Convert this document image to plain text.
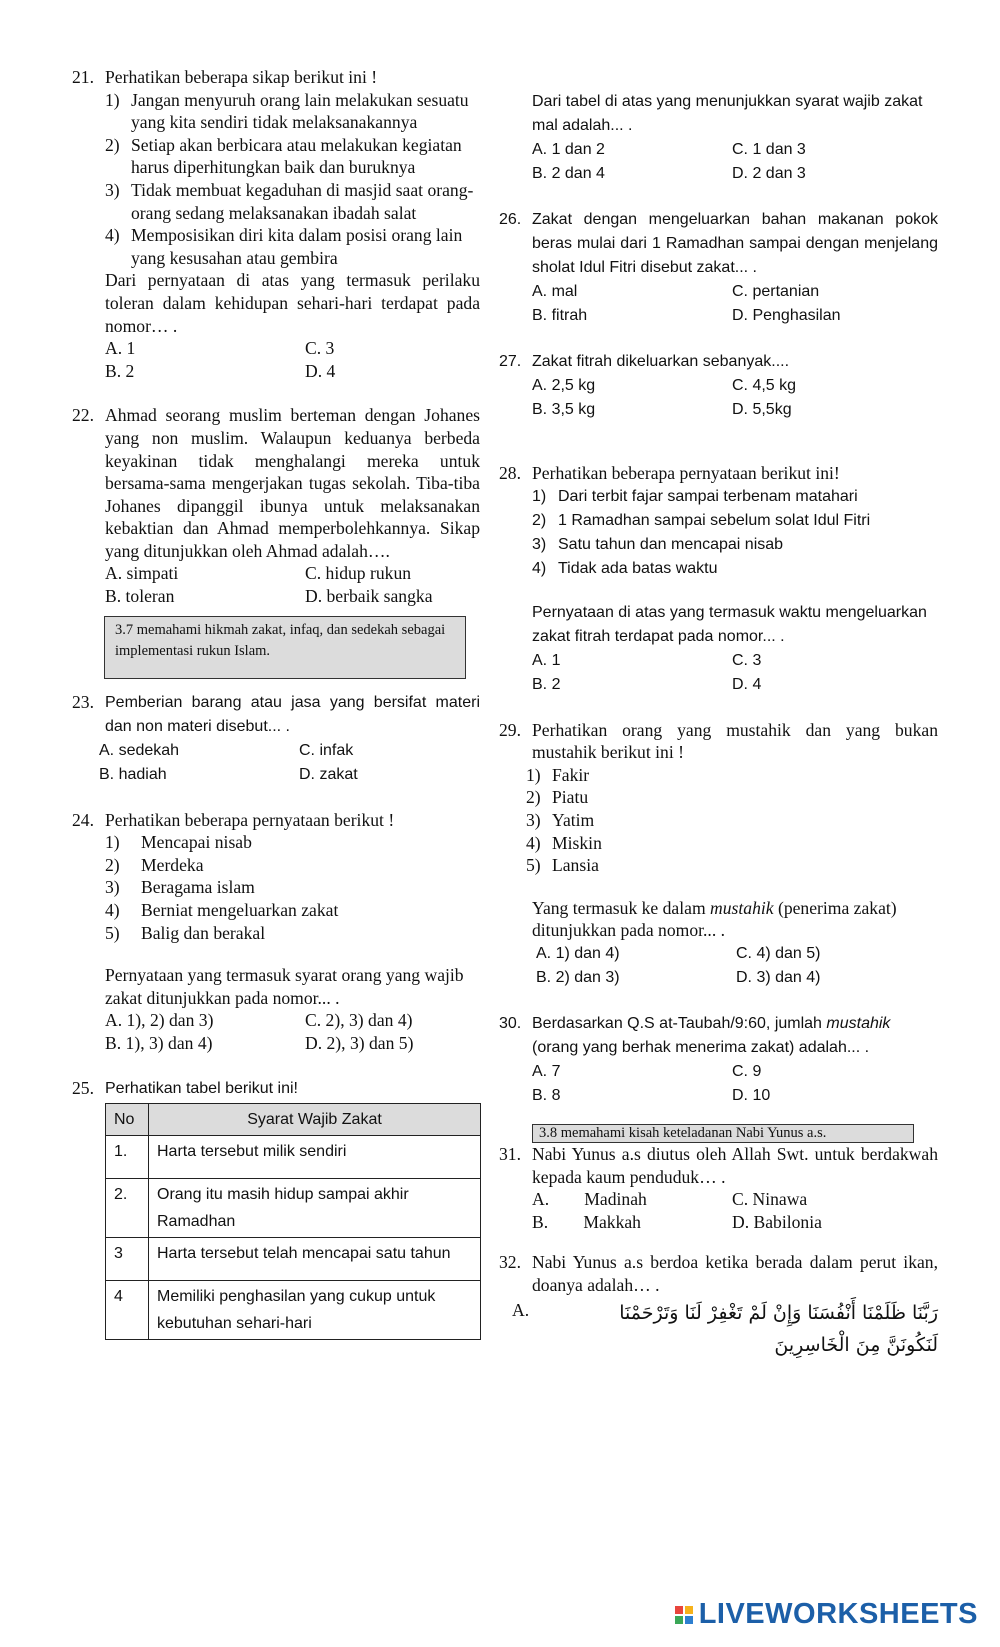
21. Perhatikan beberapa sikap berikut ini !
1) Jangan menyuruh orang lain melakukan sesuatu yang kita sendiri tidak melaksanakannya
2) Setiap akan berbicara atau melakukan kegiatan harus diperhitungkan baik dan buruknya
3) Tidak membuat kegaduhan di masjid saat orang-orang sedang melaksanakan ibadah salat
4) Memposisikan diri kita dalam posisi orang lain yang kesusahan atau gembira
Dari pernyataan di atas yang termasuk perilaku toleran dalam kehidupan sehari-hari terdapat pada nomor… .
A. 1	C. 3
B. 2	D. 4
22. Ahmad seorang muslim berteman dengan Johanes yang non muslim. Walaupun keduanya berbeda keyakinan tidak menghalangi mereka untuk bersama-sama mengerjakan tugas sekolah. Tiba-tiba Johanes dipanggil ibunya untuk melaksanakan kebaktian dan Ahmad memperbolehkannya. Sikap yang ditunjukkan oleh Ahmad adalah….
A. simpati	C. hidup rukun
B. toleran	D. berbaik sangka
3.7 memahami hikmah zakat, infaq, dan sedekah sebagai implementasi rukun Islam.
23. Pemberian barang atau jasa yang bersifat materi dan non materi disebut... .
A. sedekah	C. infak
B. hadiah	D. zakat
24. Perhatikan beberapa pernyataan berikut !
1) Mencapai nisab
2) Merdeka
3) Beragama islam
4) Berniat mengeluarkan zakat
5) Balig dan berakal
Pernyataan yang termasuk syarat orang yang wajib zakat ditunjukkan pada nomor... .
A. 1), 2) dan 3)	C. 2), 3) dan 4)
B. 1), 3) dan 4)	D. 2), 3) dan 5)
25. Perhatikan tabel berikut ini!
No	Syarat Wajib Zakat
1.	Harta tersebut milik sendiri
2.	Orang itu masih hidup sampai akhir Ramadhan
3	Harta tersebut telah mencapai satu tahun
4	Memiliki penghasilan yang cukup untuk kebutuhan sehari-hari
Dari tabel di atas yang menunjukkan syarat wajib zakat mal adalah... .
A. 1 dan 2	C. 1 dan 3
B. 2 dan 4	D. 2 dan 3
26. Zakat dengan mengeluarkan bahan makanan pokok beras mulai dari 1 Ramadhan sampai dengan menjelang sholat Idul Fitri disebut zakat... .
A. mal	C. pertanian
B. fitrah	D. Penghasilan
27. Zakat fitrah dikeluarkan sebanyak....
A. 2,5 kg	C. 4,5 kg
B. 3,5 kg	D. 5,5kg
28. Perhatikan beberapa pernyataan berikut ini!
1) Dari terbit fajar sampai terbenam matahari
2) 1 Ramadhan sampai sebelum solat Idul Fitri
3) Satu tahun dan mencapai nisab
4) Tidak ada batas waktu
Pernyataan di atas yang termasuk waktu mengeluarkan zakat fitrah terdapat pada nomor... .
A. 1	C. 3
B. 2	D. 4
29. Perhatikan orang yang mustahik dan yang bukan mustahik berikut ini !
1) Fakir
2) Piatu
3) Yatim
4) Miskin
5) Lansia
Yang termasuk ke dalam mustahik (penerima zakat) ditunjukkan pada nomor... .
A. 1) dan 4)	C. 4) dan 5)
B. 2) dan 3)	D. 3) dan 4)
30. Berdasarkan Q.S at-Taubah/9:60, jumlah mustahik (orang yang berhak menerima zakat) adalah... .
A. 7	C. 9
B. 8	D. 10
3.8 memahami kisah keteladanan Nabi Yunus a.s.
31. Nabi Yunus a.s diutus oleh Allah Swt. untuk berdakwah kepada kaum penduduk… .
A.        Madinah	C. Ninawa
B.        Makkah	D. Babilonia
32. Nabi Yunus a.s berdoa ketika berada dalam perut ikan, doanya adalah… .
A.	رَبَّنَا ظَلَمْنَا أَنْفُسَنَا وَإِنْ لَمْ تَغْفِرْ لَنَا وَتَرْحَمْنَا
لَنَكُونَنَّ مِنَ الْخَاسِرِينَ
LIVEWORKSHEETS
